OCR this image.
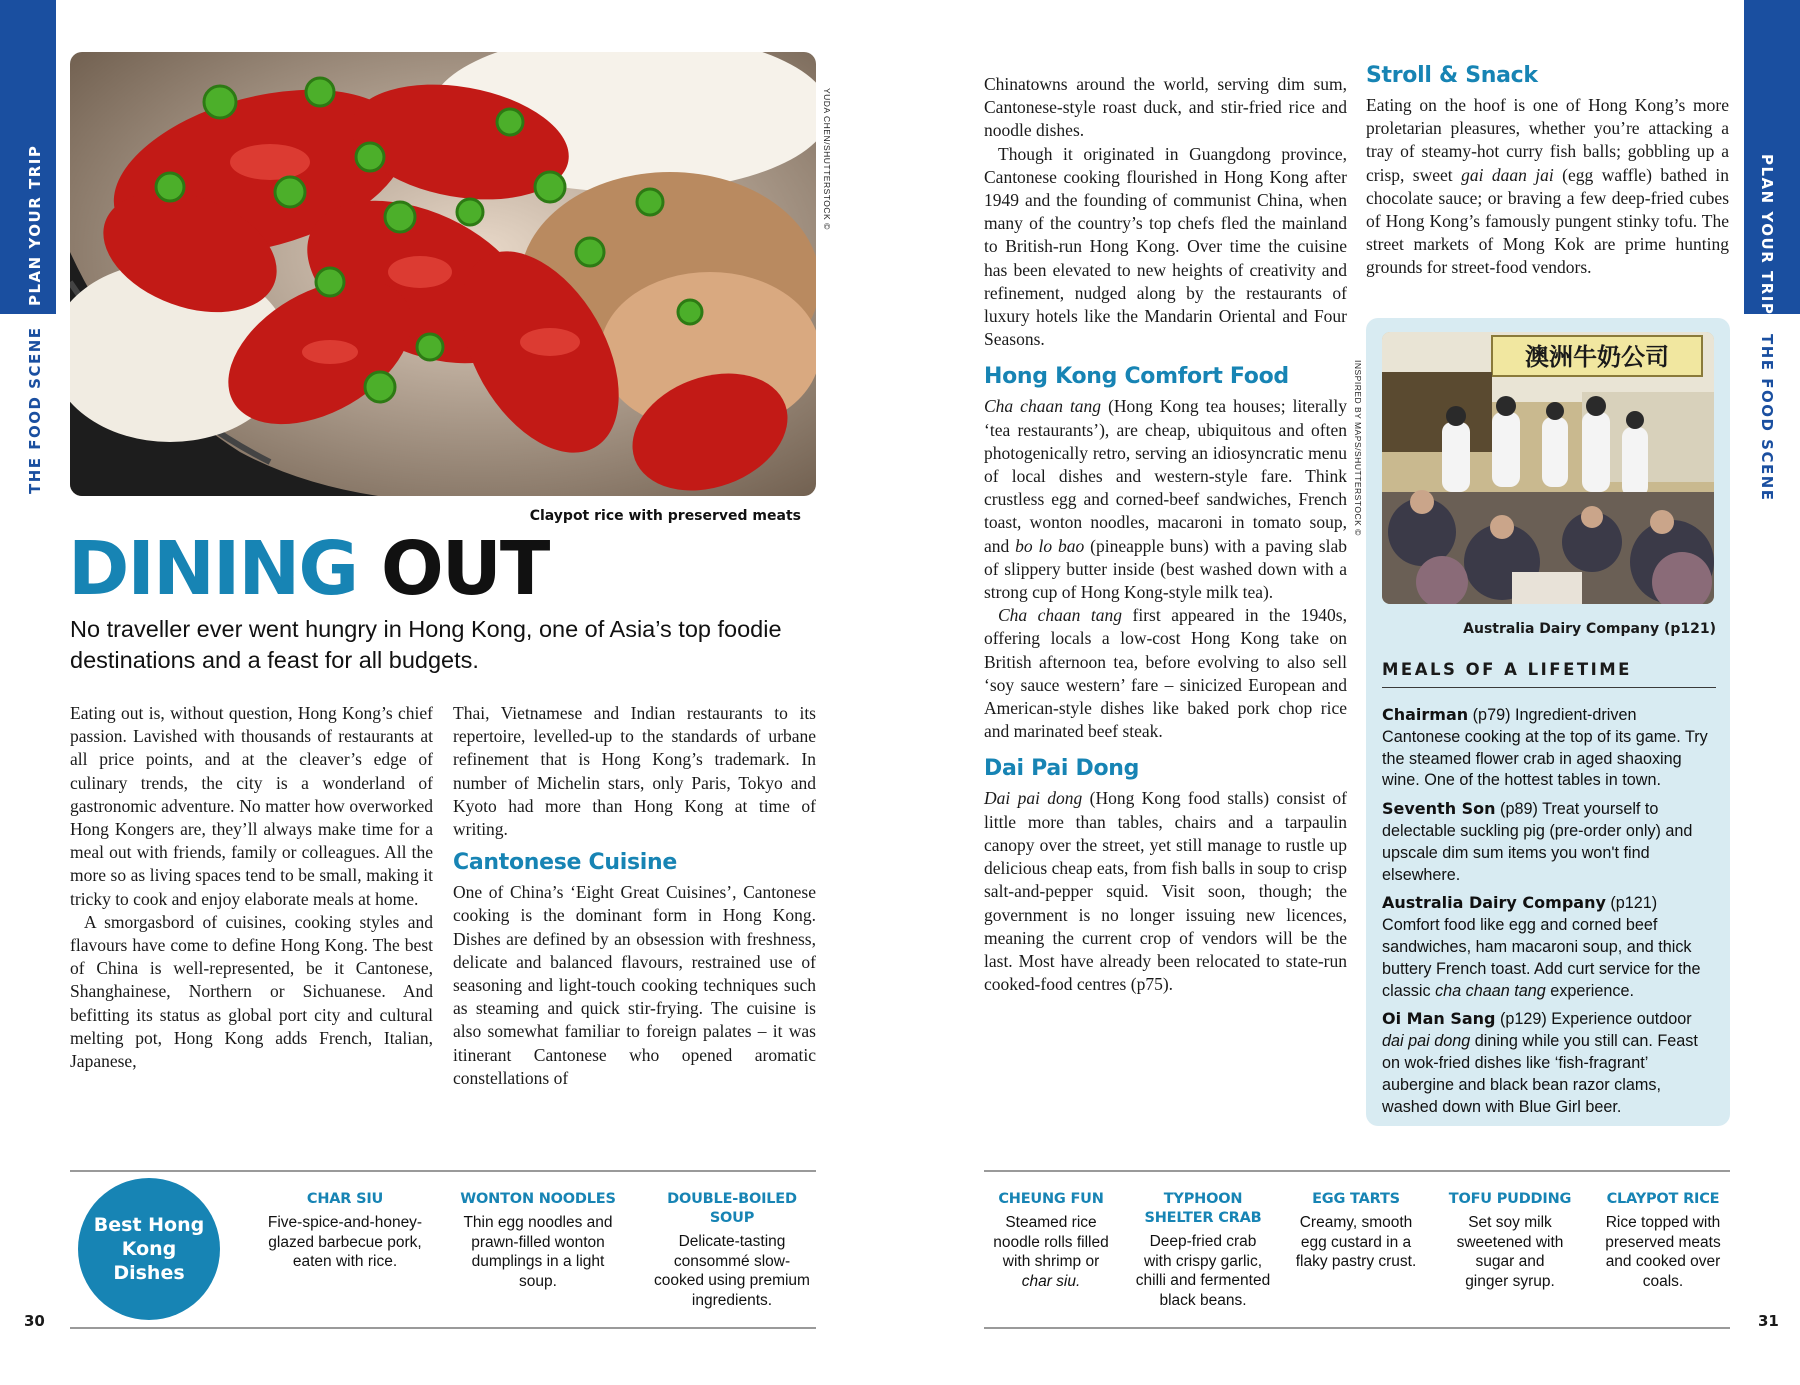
PLAN YOUR TRIP
THE FOOD SCENE
PLAN YOUR TRIP
THE FOOD SCENE
YUDA CHEN/SHUTTERSTOCK ©
Claypot rice with preserved meats
DINING OUT
No traveller ever went hungry in Hong Kong, one of Asia’s top foodie destinations and a feast for all budgets.

Eating out is, without question, Hong Kong’s chief passion. Lavished with thousands of restaurants at all price points, and at the cleaver’s edge of culinary trends, the city is a wonderland of gastronomic adventure. No matter how overworked Hong Kongers are, they’ll always make time for a meal out with friends, family or colleagues. All the more so as living spaces tend to be small, making it tricky to cook and enjoy elaborate meals at home.

A smorgasbord of cuisines, cooking styles and flavours have come to define Hong Kong. The best of China is well-represented, be it Cantonese, Shanghainese, Northern or Sichuanese. And befitting its status as global port city and cultural melting pot, Hong Kong adds French, Italian, Japanese,

Thai, Vietnamese and Indian restaurants to its repertoire, levelled-up to the standards of urbane refinement that is Hong Kong’s trademark. In number of Michelin stars, only Paris, Tokyo and Kyoto had more than Hong Kong at time of writing.

Cantonese Cuisine

One of China’s ‘Eight Great Cuisines’, Cantonese cooking is the dominant form in Hong Kong. Dishes are defined by an obsession with freshness, delicate and balanced flavours, restrained use of seasoning and light-touch cooking techniques such as steaming and quick stir-frying. The cuisine is also somewhat familiar to foreign palates – it was itinerant Cantonese who opened aromatic constellations of

Chinatowns around the world, serving dim sum, Cantonese-style roast duck, and stir-fried rice and noodle dishes.

Though it originated in Guangdong province, Cantonese cooking flourished in Hong Kong after 1949 and the founding of communist China, when many of the country’s top chefs fled the mainland to British-run Hong Kong. Over time the cuisine has been elevated to new heights of creativity and refinement, nudged along by the restaurants of luxury hotels like the Mandarin Oriental and Four Seasons.

Hong Kong Comfort Food

Cha chaan tang (Hong Kong tea houses; literally ‘tea restaurants’), are cheap, ubiquitous and often photogenically retro, serving an idiosyncratic menu of local dishes and western-style fare. Think crustless egg and corned-beef sandwiches, French toast, wonton noodles, macaroni in tomato soup, and bo lo bao (pineapple buns) with a paving slab of slippery butter inside (best washed down with a strong cup of Hong Kong-style milk tea).

Cha chaan tang first appeared in the 1940s, offering locals a low-cost Hong Kong take on British afternoon tea, before evolving to also sell ‘soy sauce western’ fare – sinicized European and American-style dishes like baked pork chop rice and marinated beef steak.

Dai Pai Dong

Dai pai dong (Hong Kong food stalls) consist of little more than tables, chairs and a tarpaulin canopy over the street, yet still manage to rustle up delicious cheap eats, from fish balls in soup to crisp salt-and-pepper squid. Visit soon, though; the government is no longer issuing new licences, meaning the current crop of vendors will be the last. Most have already been relocated to state-run cooked-food centres (p75).

Stroll & Snack

Eating on the hoof is one of Hong Kong’s more proletarian pleasures, whether you’re attacking a tray of steamy-hot curry fish balls; gobbling up a crisp, sweet gai daan jai (egg waffle) bathed in chocolate sauce; or braving a few deep-fried cubes of Hong Kong’s famously pungent stinky tofu. The street markets of Mong Kok are prime hunting grounds for street-food vendors.

澳洲牛奶公司
INSPIRED BY MAPS/SHUTTERSTOCK ©
Australia Dairy Company (p121)
MEALS OF A LIFETIME
Chairman (p79) Ingredient-driven Cantonese cooking at the top of its game. Try the steamed flower crab in aged shaoxing wine. One of the hottest tables in town.
Seventh Son (p89) Treat yourself to delectable suckling pig (pre-order only) and upscale dim sum items you won't find elsewhere.
Australia Dairy Company (p121) Comfort food like egg and corned beef sandwiches, ham macaroni soup, and thick buttery French toast. Add curt service for the classic cha chaan tang experience.
Oi Man Sang (p129) Experience outdoor dai pai dong dining while you still can. Feast on wok-fried dishes like ‘fish-fragrant’ aubergine and black bean razor clams, washed down with Blue Girl beer.
Best Hong Kong Dishes
CHAR SIU
Five-spice-and-honey-glazed barbecue pork, eaten with rice.
WONTON NOODLES
Thin egg noodles and prawn-filled wonton dumplings in a light soup.
DOUBLE-BOILED SOUP
Delicate-tasting consommé slow-cooked using premium ingredients.
CHEUNG FUN
Steamed rice noodle rolls filled with shrimp or char siu.
TYPHOON SHELTER CRAB
Deep-fried crab with crispy garlic, chilli and fermented black beans.
EGG TARTS
Creamy, smooth egg custard in a flaky pastry crust.
TOFU PUDDING
Set soy milk sweetened with sugar and ginger syrup.
CLAYPOT RICE
Rice topped with preserved meats and cooked over coals.
30	31
